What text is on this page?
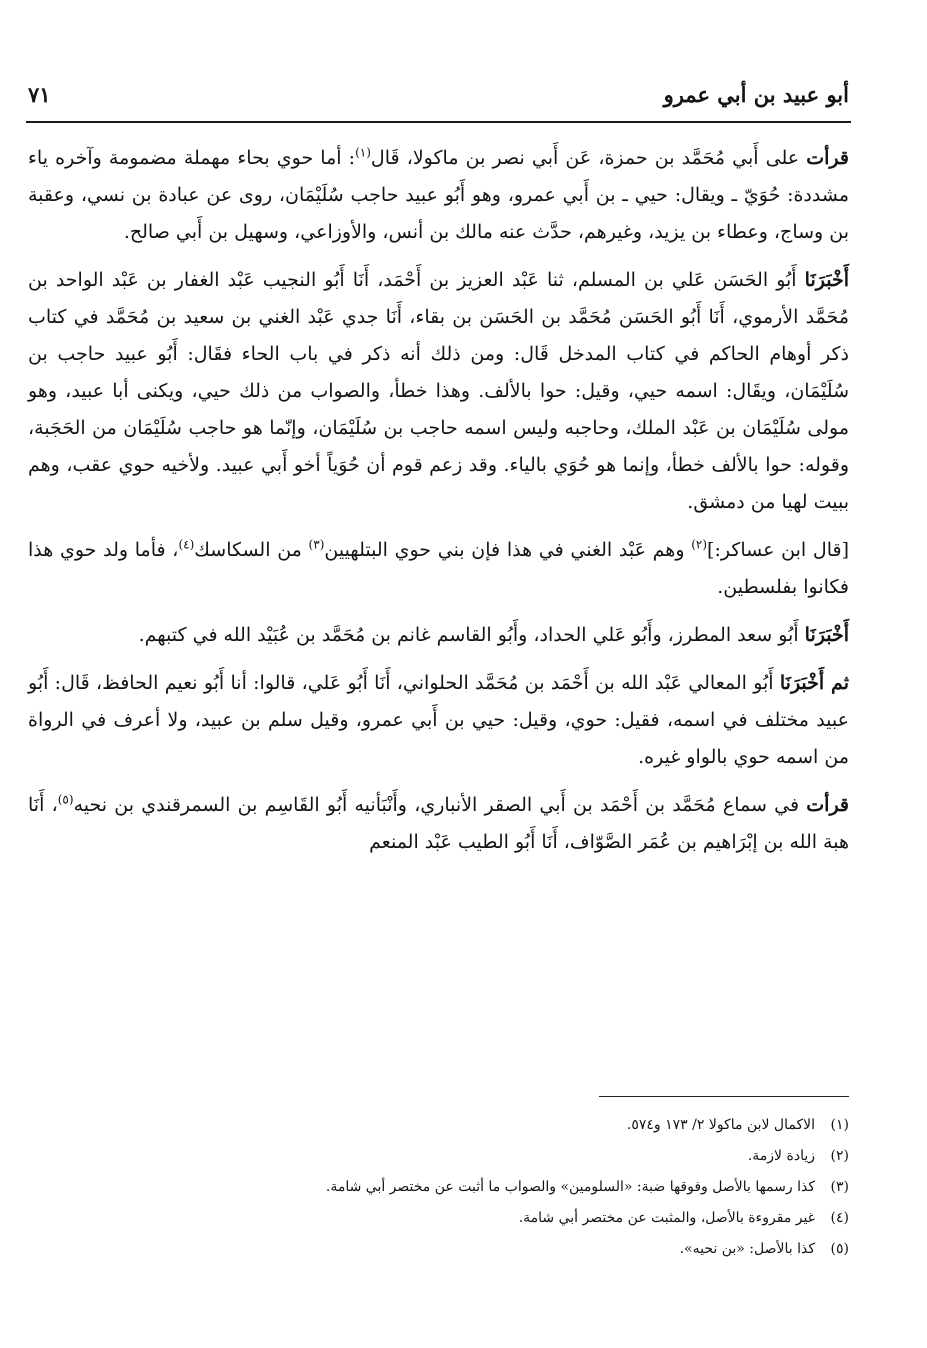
أبو عبيد بن أبي عمرو
٧١

قرأت على أَبي مُحَمَّد بن حمزة، عَن أَبي نصر بن ماكولا، قَال$^{(١)}$: أما حوي بحاء مهملة مضمومة وآخره ياء مشددة: حُوَيّ ـ ويقال: حيي ـ بن أَبي عمرو، وهو أَبُو عبيد حاجب سُلَيْمَان، روى عن عبادة بن نسي، وعقبة بن وساج، وعطاء بن يزيد، وغيرهم، حدَّث عنه مالك بن أنس، والأوزاعي، وسهيل بن أَبي صالح.

أَخْبَرَنَا أَبُو الحَسَن عَلي بن المسلم، ثنا عَبْد العزيز بن أَحْمَد، أَنَا أَبُو النجيب عَبْد الغفار بن عَبْد الواحد بن مُحَمَّد الأرموي، أَنَا أَبُو الحَسَن مُحَمَّد بن الحَسَن بن بقاء، أَنَا جدي عَبْد الغني بن سعيد بن مُحَمَّد في كتاب ذكر أوهام الحاكم في كتاب المدخل قَال: ومن ذلك أنه ذكر في باب الحاء فقَال: أَبُو عبيد حاجب بن سُلَيْمَان، ويقَال: اسمه حيي، وقيل: حوا بالألف. وهذا خطأ، والصواب من ذلك حيي، ويكنى أبا عبيد، وهو مولى سُلَيْمَان بن عَبْد الملك، وحاجبه وليس اسمه حاجب بن سُلَيْمَان، وإنّما هو حاجب سُلَيْمَان من الحَجَبة، وقوله: حوا بالألف خطأ، وإنما هو حُوَي بالياء. وقد زعم قوم أن حُوَياً أخو أَبي عبيد. ولأخيه حوي عقب، وهم ببيت لهيا من دمشق.

[قال ابن عساكر:]$^{(٢)}$ وهم عَبْد الغني في هذا فإن بني حوي البتلهيين$^{(٣)}$ من السكاسك$^{(٤)}$، فأما ولد حوي هذا فكانوا بفلسطين.

أَخْبَرَنَا أَبُو سعد المطرز، وأَبُو عَلي الحداد، وأَبُو القاسم غانم بن مُحَمَّد بن عُبَيْد الله في كتبهم.

ثم أَخْبَرَنَا أَبُو المعالي عَبْد الله بن أَحْمَد بن مُحَمَّد الحلواني، أَنَا أَبُو عَلي، قالوا: أنا أَبُو نعيم الحافظ، قَال: أَبُو عبيد مختلف في اسمه، فقيل: حوي، وقيل: حيي بن أَبي عمرو، وقيل سلم بن عبيد، ولا أعرف في الرواة من اسمه حوي بالواو غيره.

قرأت في سماع مُحَمَّد بن أَحْمَد بن أَبي الصقر الأنباري، وأَنْبَأنيه أَبُو القَاسِم بن السمرقندي بن نحيه$^{(٥)}$، أَنَا هبة الله بن إبْرَاهيم بن عُمَر الصَّوّاف، أَنَا أَبُو الطيب عَبْد المنعم

(١)الاكمال لابن ماكولا ٢/ ١٧٣ و٥٧٤.
(٢)زيادة لازمة.
(٣)كذا رسمها بالأصل وفوقها ضبة: «السلومين» والصواب ما أثبت عن مختصر أبي شامة.
(٤)غير مقروءة بالأصل، والمثبت عن مختصر أبي شامة.
(٥)كذا بالأصل: «بن نحيه».
